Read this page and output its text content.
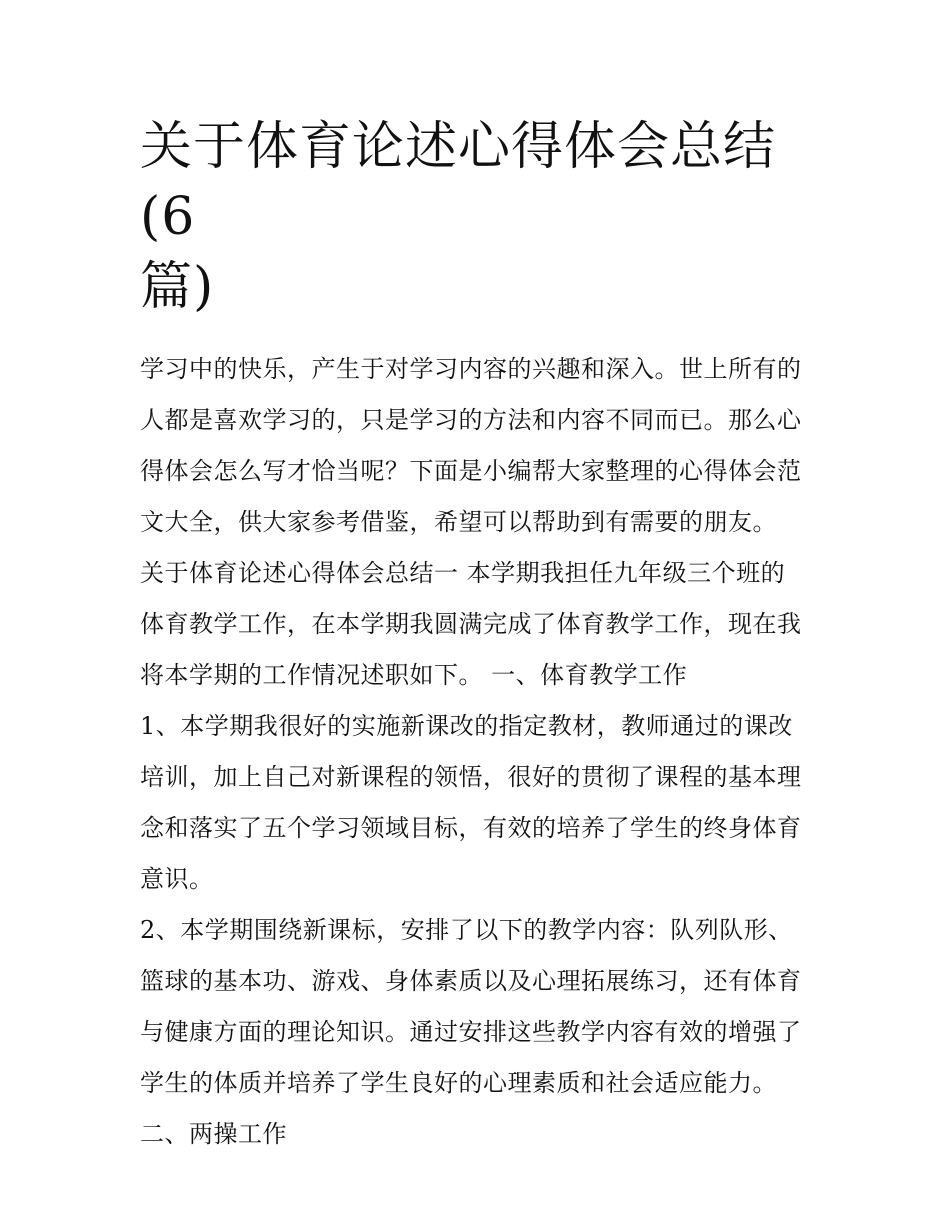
关于体育论述心得体会总结(6
篇)
学习中的快乐，产生于对学习内容的兴趣和深入。世上所有的
人都是喜欢学习的，只是学习的方法和内容不同而已。那么心
得体会怎么写才恰当呢？下面是小编帮大家整理的心得体会范
文大全，供大家参考借鉴，希望可以帮助到有需要的朋友。
关于体育论述心得体会总结一 本学期我担任九年级三个班的
体育教学工作，在本学期我圆满完成了体育教学工作，现在我
将本学期的工作情况述职如下。 一、体育教学工作
1、本学期我很好的实施新课改的指定教材，教师通过的课改
培训，加上自己对新课程的领悟，很好的贯彻了课程的基本理
念和落实了五个学习领域目标，有效的培养了学生的终身体育
意识。
2、本学期围绕新课标，安排了以下的教学内容：队列队形、
篮球的基本功、游戏、身体素质以及心理拓展练习，还有体育
与健康方面的理论知识。通过安排这些教学内容有效的增强了
学生的体质并培养了学生良好的心理素质和社会适应能力。
二、两操工作
